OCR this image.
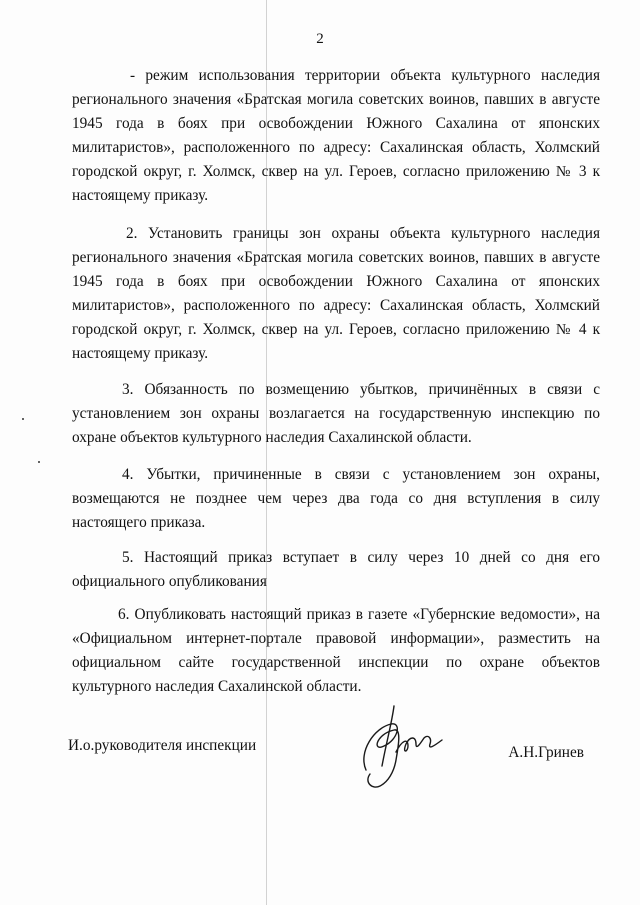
2

- режим использования территории объекта культурного наследия регионального значения «Братская могила советских воинов, павших в августе 1945 года в боях при освобождении Южного Сахалина от японских милитаристов», расположенного по адресу: Сахалинская область, Холмский городской округ, г. Холмск, сквер на ул. Героев, согласно приложению № 3 к настоящему приказу.

2. Установить границы зон охраны объекта культурного наследия регионального значения «Братская могила советских воинов, павших в августе 1945 года в боях при освобождении Южного Сахалина от японских милитаристов», расположенного по адресу: Сахалинская область, Холмский городской округ, г. Холмск, сквер на ул. Героев, согласно приложению № 4 к настоящему приказу.

3. Обязанность по возмещению убытков, причинённых в связи с установлением зон охраны возлагается на государственную инспекцию по охране объектов культурного наследия Сахалинской области.

4. Убытки, причиненные в связи с установлением зон охраны, возмещаются не позднее чем через два года со дня вступления в силу настоящего приказа.

5. Настоящий приказ вступает в силу через 10 дней со дня его официального опубликования

6. Опубликовать настоящий приказ в газете «Губернские ведомости», на «Официальном интернет-портале правовой информации», разместить на официальном сайте государственной инспекции по охране объектов культурного наследия Сахалинской области.

И.о.руководителя инспекции	А.Н.Гринев
